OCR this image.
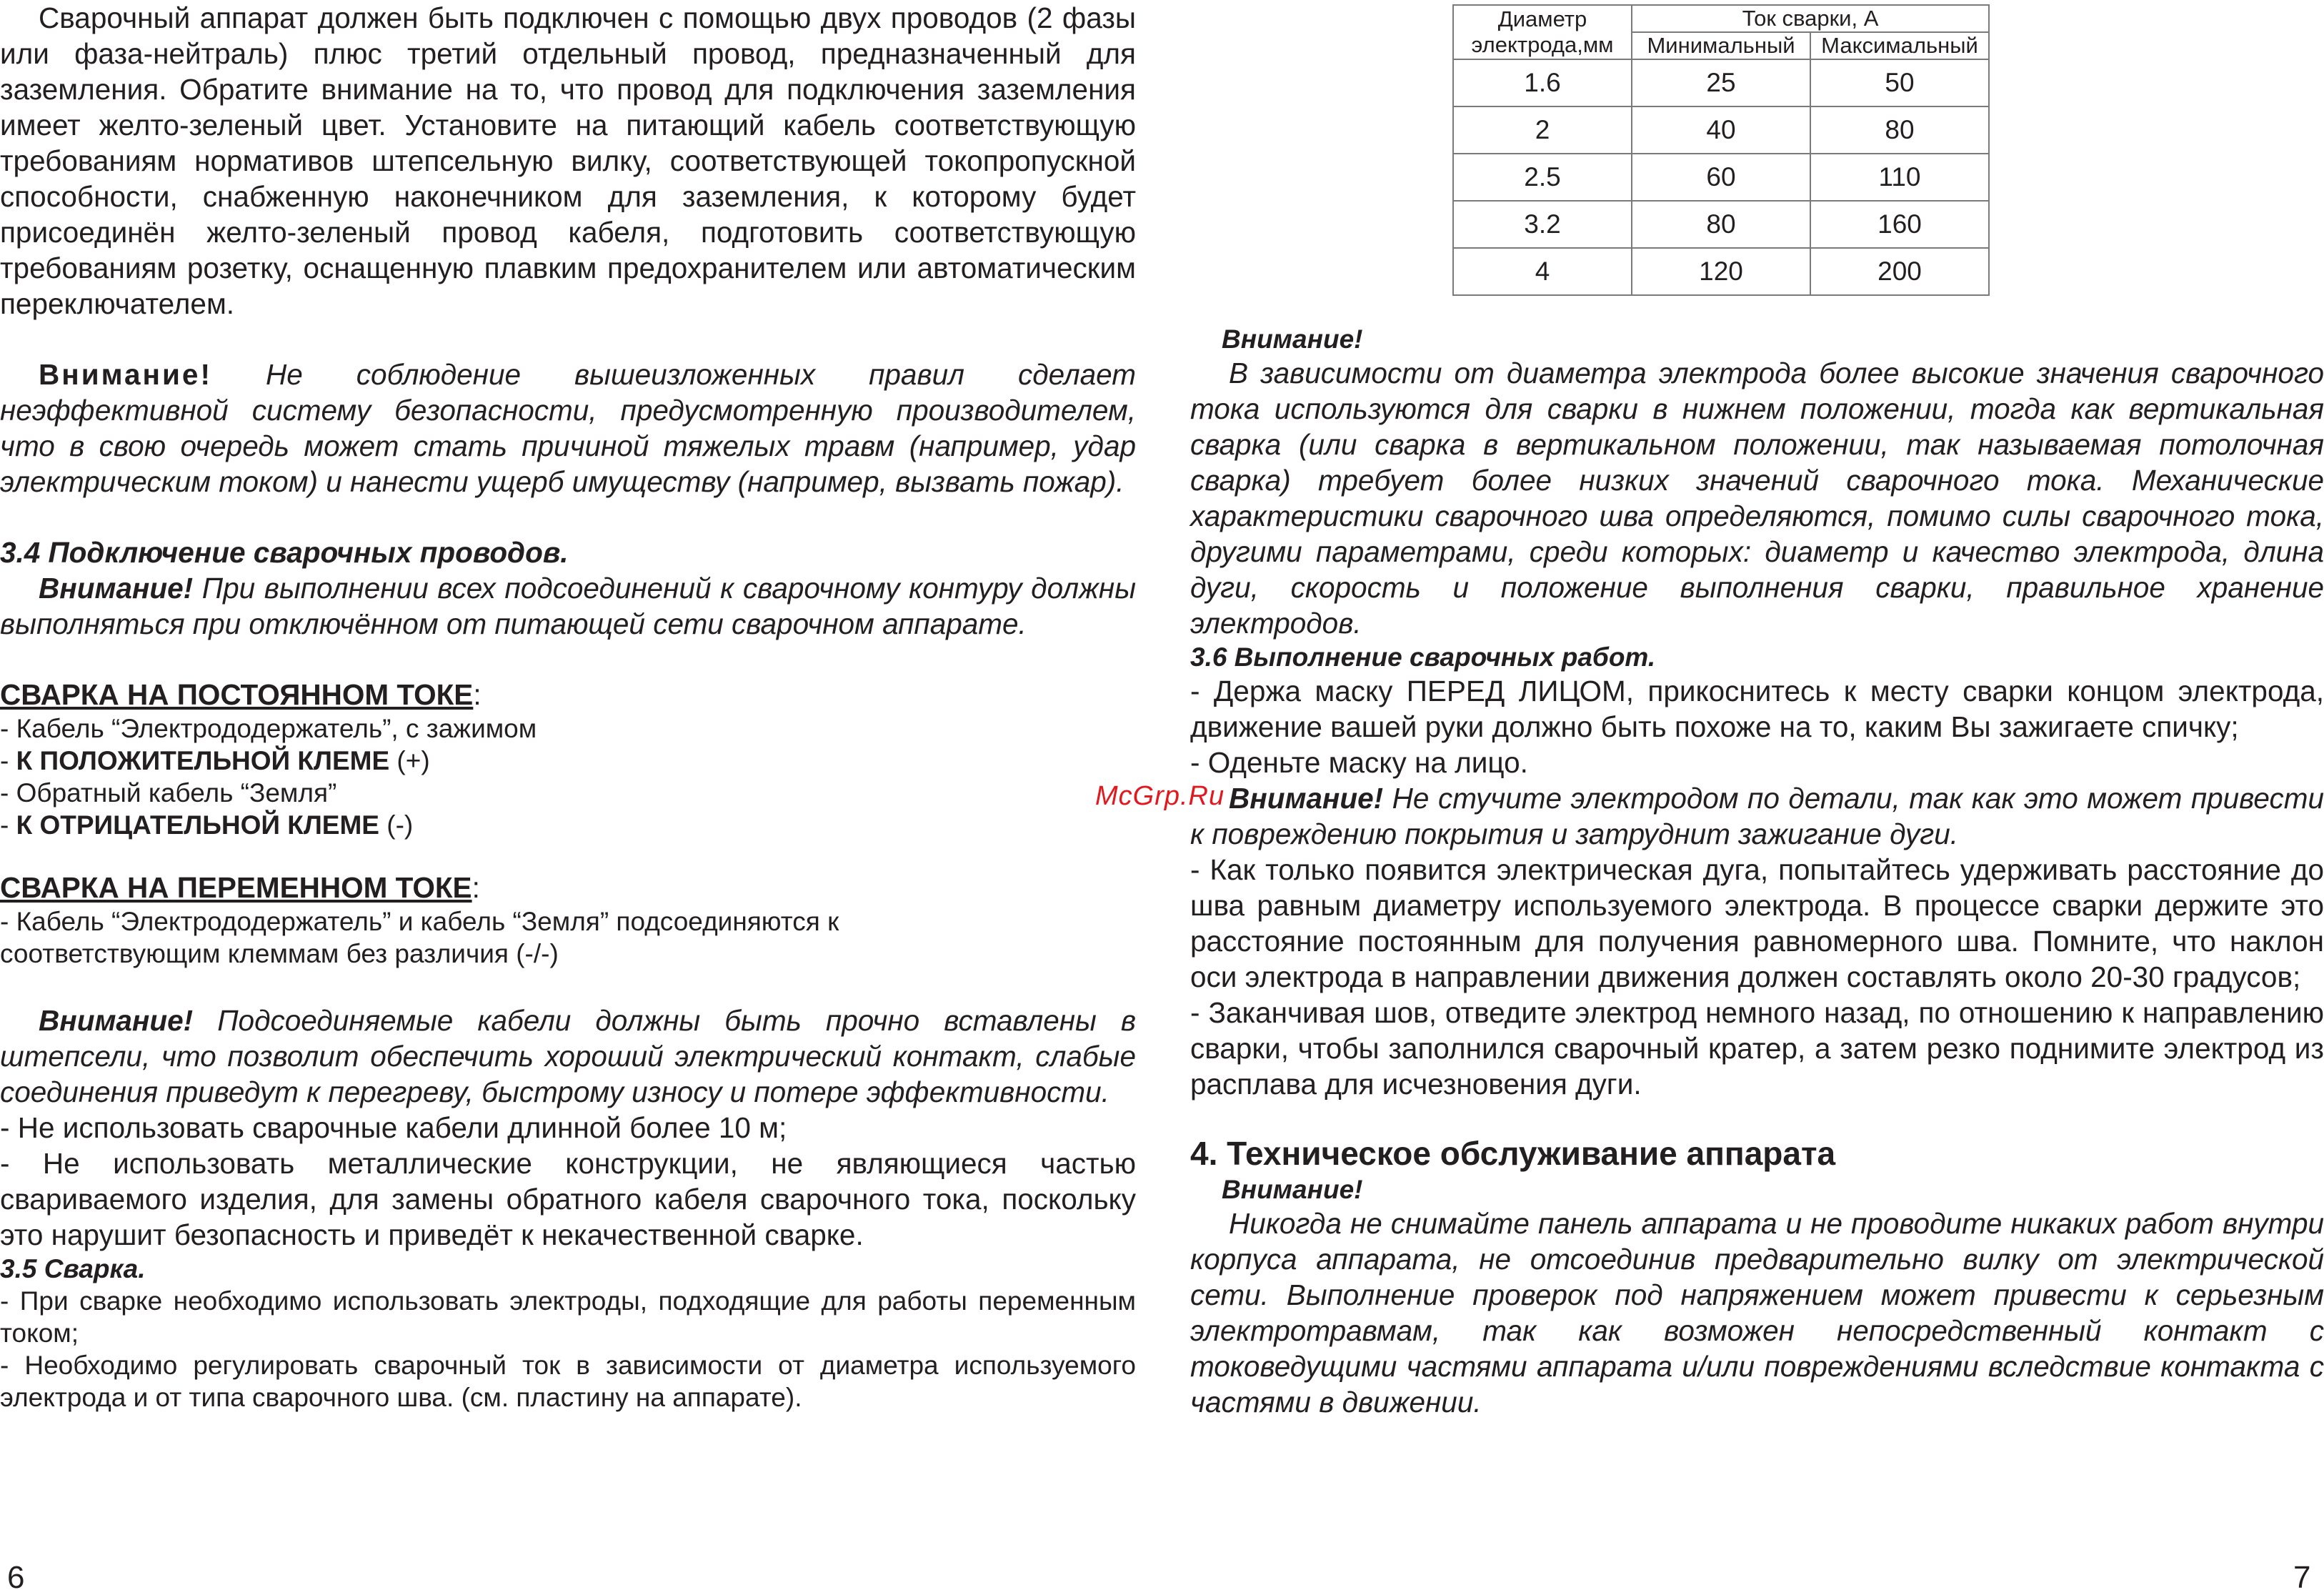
Сварочный аппарат должен быть подключен с помощью двух проводов (2 фазы или фаза-нейтраль) плюс третий отдельный провод, предназначенный для заземления. Обратите внимание на то, что провод для подключения заземления имеет желто-зеленый цвет. Установите на питающий кабель соответствующую требованиям нормативов штепсельную вилку, соответствующей токопропускной способности, снабженную наконечником для заземления, к которому будет присоединён желто-зеленый провод кабеля, подготовить соответствующую требованиям розетку, оснащенную плавким предохранителем или автоматическим переключателем.

Внимание! Не соблюдение вышеизложенных правил сделает неэффективной систему безопасности, предусмотренную производителем, что в свою очередь может стать причиной тяжелых травм (например, удар электрическим током) и нанести ущерб имуществу (например, вызвать пожар).

3.4 Подключение сварочных проводов.

Внимание! При выполнении всех подсоединений к сварочному контуру должны выполняться при отключённом от питающей сети сварочном аппарате.

СВАРКА НА ПОСТОЯННОМ ТОКЕ:

- Кабель “Электрододержатель”, с зажимом

- К ПОЛОЖИТЕЛЬНОЙ КЛЕМЕ (+)

- Обратный кабель “Земля”

- К ОТРИЦАТЕЛЬНОЙ КЛЕМЕ (-)

СВАРКА НА ПЕРЕМЕННОМ ТОКЕ:

- Кабель “Электрододержатель” и кабель “Земля” подсоединяются к соответствующим клеммам без различия (-/-)

Внимание! Подсоединяемые кабели должны быть прочно вставлены в штепсели, что позволит обеспечить хороший электрический контакт, слабые соединения приведут к перегреву, быстрому износу и потере эффективности.

- Не использовать сварочные кабели длинной более 10 м;

- Не использовать металлические конструкции, не являющиеся частью свариваемого изделия, для замены обратного кабеля сварочного тока, поскольку это нарушит безопасность и приведёт к некачественной сварке.

3.5 Сварка.

- При сварке необходимо использовать электроды, подходящие для работы переменным током;

- Необходимо регулировать сварочный ток в зависимости от диаметра используемого электрода и от типа сварочного шва. (см. пластину на аппарате).

6
Диаметр электрода,мм	Ток сварки, А	
	Минимальный	Максимальный
1.6	25	50
2	40	80
2.5	60	110
3.2	80	160
4	120	200

Внимание!

В зависимости от диаметра электрода более высокие значения сварочного тока используются для сварки в нижнем положении, тогда как вертикальная сварка (или сварка в вертикальном положении, так называемая потолочная сварка) требует более низких значений сварочного тока. Механические характеристики сварочного шва определяются, помимо силы сварочного тока, другими параметрами, среди которых: диаметр и качество электрода, длина дуги, скорость и положение выполнения сварки, правильное хранение электродов.

3.6 Выполнение сварочных работ.

- Держа маску ПЕРЕД ЛИЦОМ, прикоснитесь к месту сварки концом электрода, движение вашей руки должно быть похоже на то, каким Вы зажигаете спичку;

- Оденьте маску на лицо.

Внимание! Не стучите электродом по детали, так как это может привести к повреждению покрытия и затруднит зажигание дуги.

- Как только появится электрическая дуга, попытайтесь удерживать расстояние до шва равным диаметру используемого электрода. В процессе сварки держите это расстояние постоянным для получения равномерного шва. Помните, что наклон оси электрода в направлении движения должен составлять около 20-30 градусов;

- Заканчивая шов, отведите электрод немного назад, по отношению к направлению сварки, чтобы заполнился сварочный кратер, а затем резко поднимите электрод из расплава для исчезновения дуги.

4. Техническое обслуживание аппарата

Внимание!

Никогда не снимайте панель аппарата и не проводите никаких работ внутри корпуса аппарата, не отсоединив предварительно вилку от электрической сети. Выполнение проверок под напряжением может привести к серьезным электротравмам, так как возможен непосредственный контакт с токоведущими частями аппарата и/или повреждениями вследствие контакта с частями в движении.

7
McGrp.Ru
